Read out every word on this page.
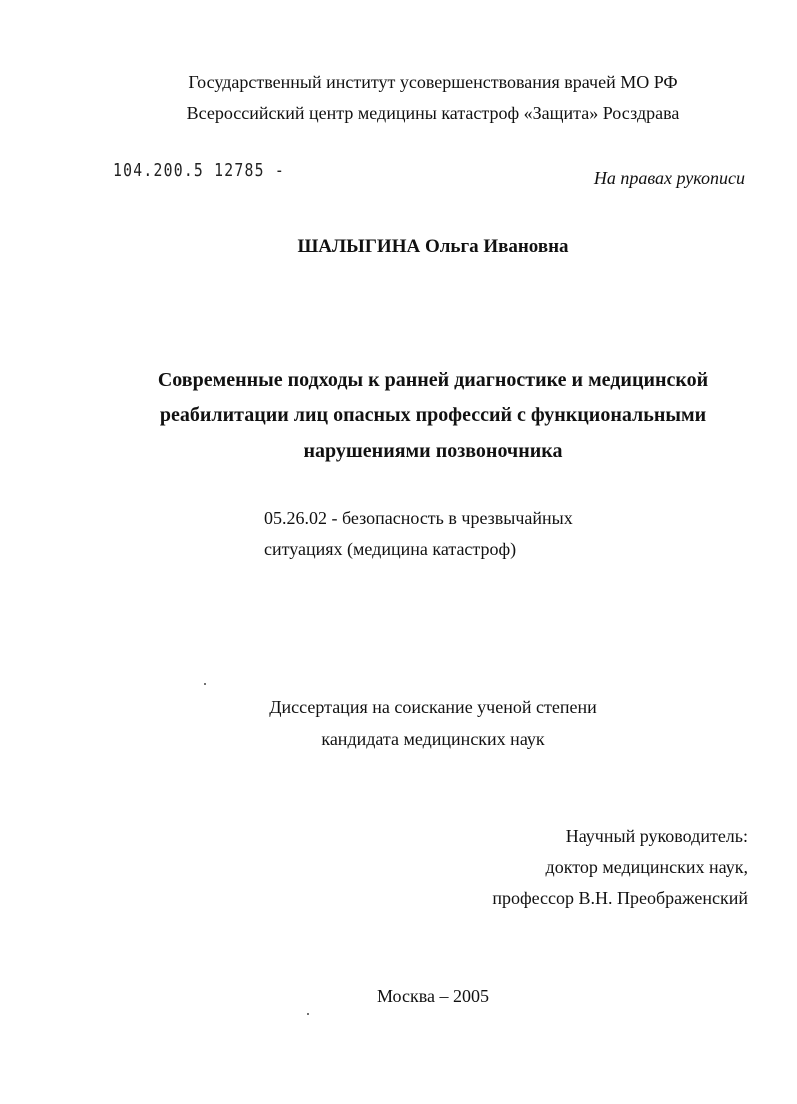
Государственный институт усовершенствования врачей МО РФ
Всероссийский центр медицины катастроф «Защита» Росздрава
104.200.5 12785 -	На правах рукописи
ШАЛЫГИНА Ольга Ивановна
Современные подходы к ранней диагностике и медицинской
реабилитации лиц опасных профессий с функциональными
нарушениями позвоночника
05.26.02 - безопасность в чрезвычайных
ситуациях (медицина катастроф)
Диссертация на соискание ученой степени
кандидата медицинских наук
Научный руководитель:
доктор медицинских наук,
профессор В.Н. Преображенский
Москва – 2005
